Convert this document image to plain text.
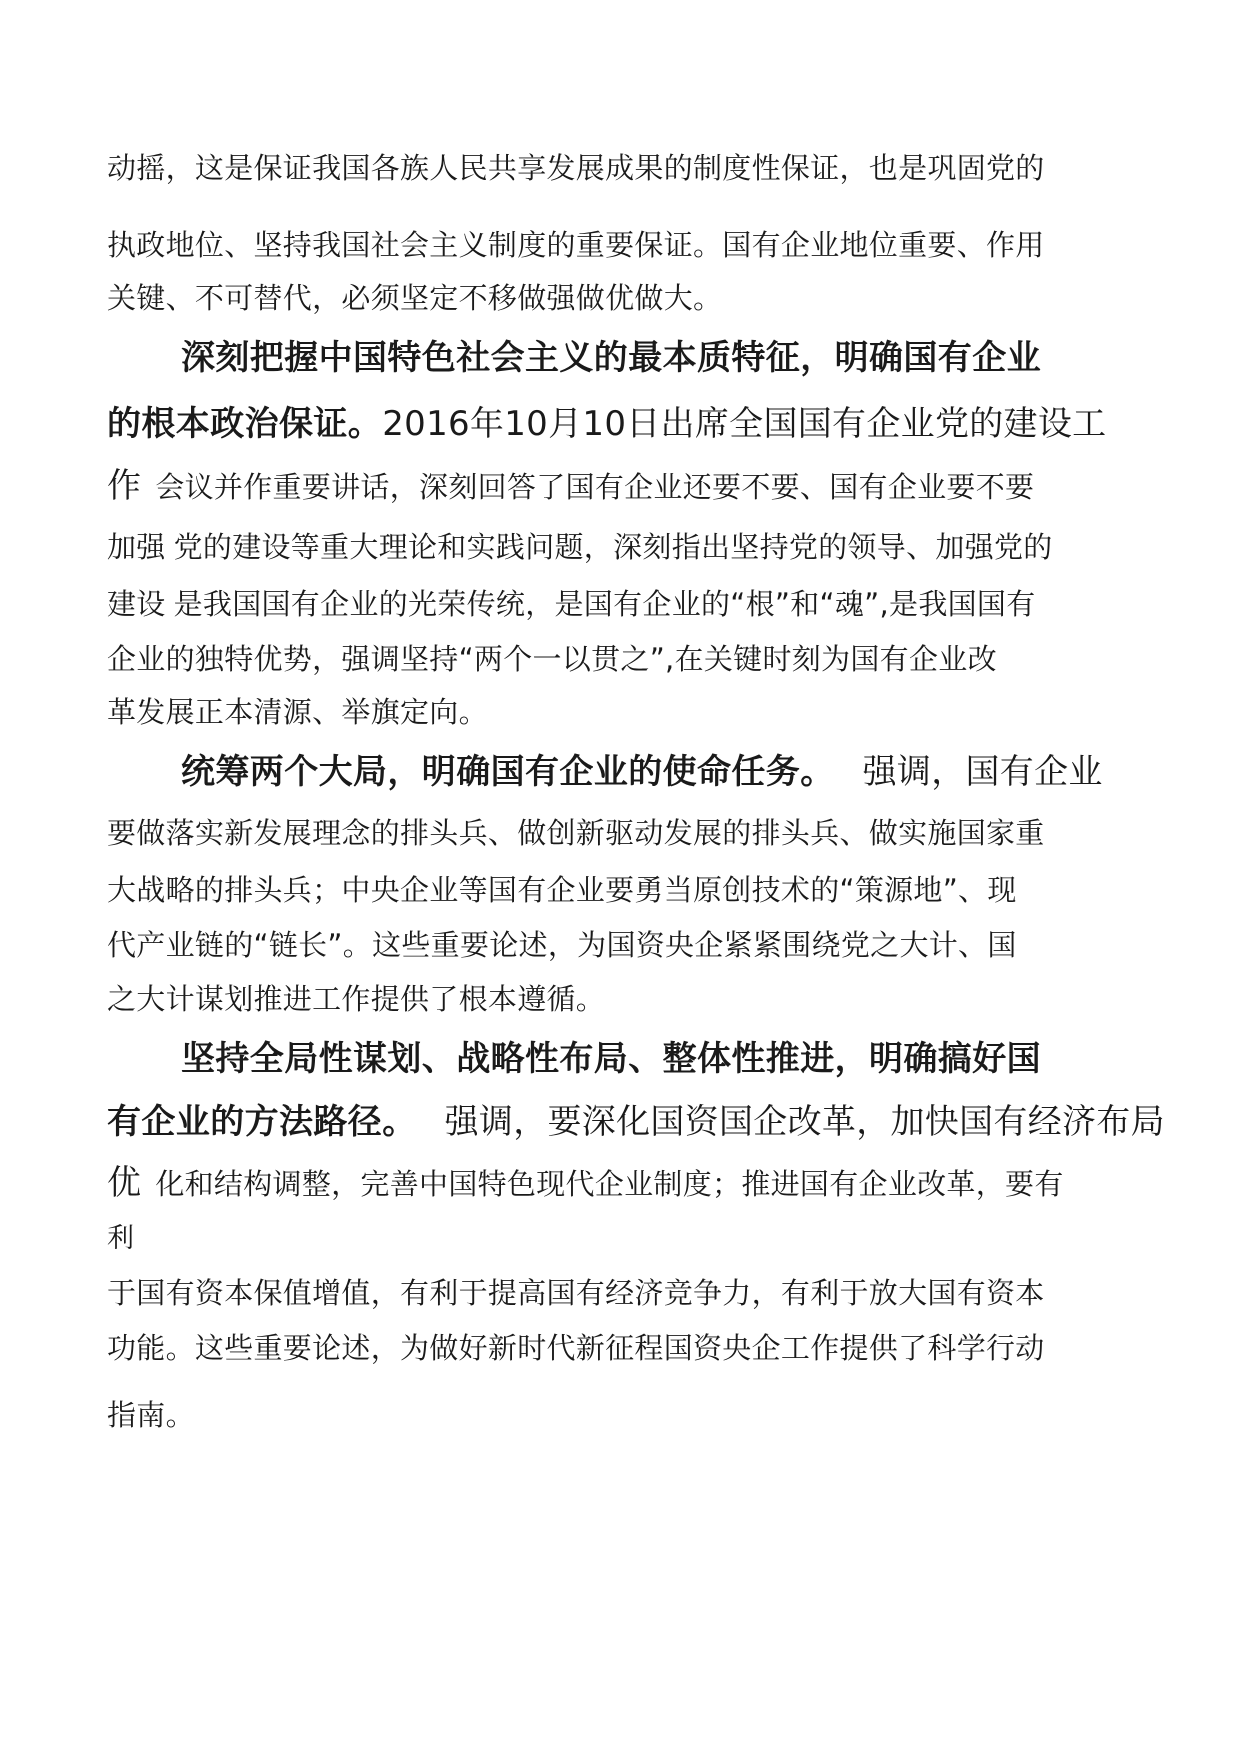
动摇，这是保证我国各族人民共享发展成果的制度性保证，也是巩固党的
执政地位、坚持我国社会主义制度的重要保证。国有企业地位重要、作用
关键、不可替代，必须坚定不移做强做优做大。
深刻把握中国特色社会主义的最本质特征，明确国有企业
的根本政治保证。2016年10月10日出席全国国有企业党的建设工
作 会议并作重要讲话，深刻回答了国有企业还要不要、国有企业要不要
加强 党的建设等重大理论和实践问题，深刻指出坚持党的领导、加强党的
建设 是我国国有企业的光荣传统，是国有企业的“根”和“魂”,是我国国有
企业的独特优势，强调坚持“两个一以贯之”,在关键时刻为国有企业改
革发展正本清源、举旗定向。
统筹两个大局，明确国有企业的使命任务。 强调，国有企业
要做落实新发展理念的排头兵、做创新驱动发展的排头兵、做实施国家重
大战略的排头兵；中央企业等国有企业要勇当原创技术的“策源地”、现
代产业链的“链长”。这些重要论述，为国资央企紧紧围绕党之大计、国
之大计谋划推进工作提供了根本遵循。
坚持全局性谋划、战略性布局、整体性推进，明确搞好国
有企业的方法路径。 强调，要深化国资国企改革，加快国有经济布局
优 化和结构调整，完善中国特色现代企业制度；推进国有企业改革，要有
利
于国有资本保值增值，有利于提高国有经济竞争力，有利于放大国有资本
功能。这些重要论述，为做好新时代新征程国资央企工作提供了科学行动
指南。
